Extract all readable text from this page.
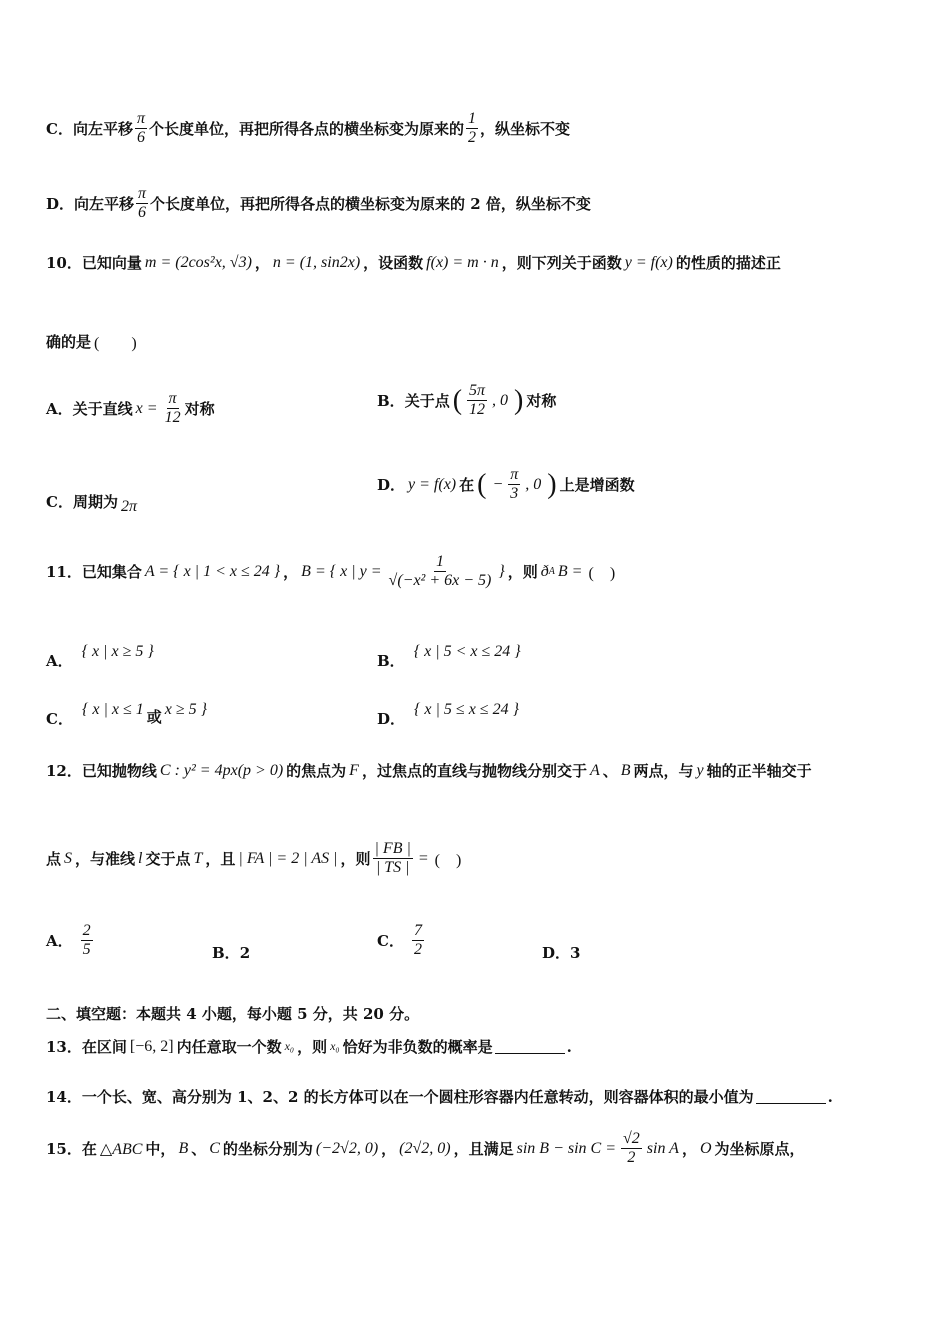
C． 向左平移 $\frac{\pi}{6}$ 个长度单位，再把所得各点的横坐标变为原来的 $\frac{1}{2}$ ，纵坐标不变
D． 向左平移 $\frac{\pi}{6}$ 个长度单位，再把所得各点的横坐标变为原来的 2 倍，纵坐标不变
10． 已知向量 m = (2cos²x, √3) ， n = (1, sin2x) ，设函数 f(x) = m · n ，则下列关于函数 y = f(x) 的性质的描述正
确的是 (　　)
A． 关于直线 $x = \frac{\pi}{12}$ 对称	B． 关于点 ( $\frac{5\pi}{12}$ , 0 ) 对称
C． 周期为 2π
D． y = f(x) 在 ( − $\frac{\pi}{3}$ , 0 ) 上是增函数
11． 已知集合 A = { x | 1 < x ≤ 24 } ， B = { x | $y = \frac{1}{\text{√(−x² + 6x − 5)}}$ } ，则 ð A B = (　)
A．
{ x | x ≥ 5 }
B．
{ x | 5 < x ≤ 24 }
C．
{ x | x ≤ 1 或 x ≥ 5 }
D．
{ x | 5 ≤ x ≤ 24 }
12． 已知抛物线 C : y² = 4px(p > 0) 的焦点为 F ，过焦点的直线与抛物线分别交于 A 、 B 两点，与 y 轴的正半轴交于
点 S ，与准线 l 交于点 T ，且 | FA | = 2 | AS | ，则 $\frac{| FB |}{| TS |}$ = (　)
A． $\frac{2}{5}$	B． 2
C． $\frac{7}{2}$	D． 3
二、填空题：本题共 4 小题，每小题 5 分，共 20 分。
13． 在区间 [−6, 2] 内任意取一个数 x₀ ，则 x₀ 恰好为非负数的概率是	.
14． 一个长、宽、高分别为 1、2、2 的长方体可以在一个圆柱形容器内任意转动，则容器体积的最小值为	.
15． 在 △ABC 中， B 、 C 的坐标分别为 (−2√2, 0) ， (2√2, 0) ，且满足 $\sin B - \sin C = \frac{√2}{2}$ sin A ， O 为坐标原点，
